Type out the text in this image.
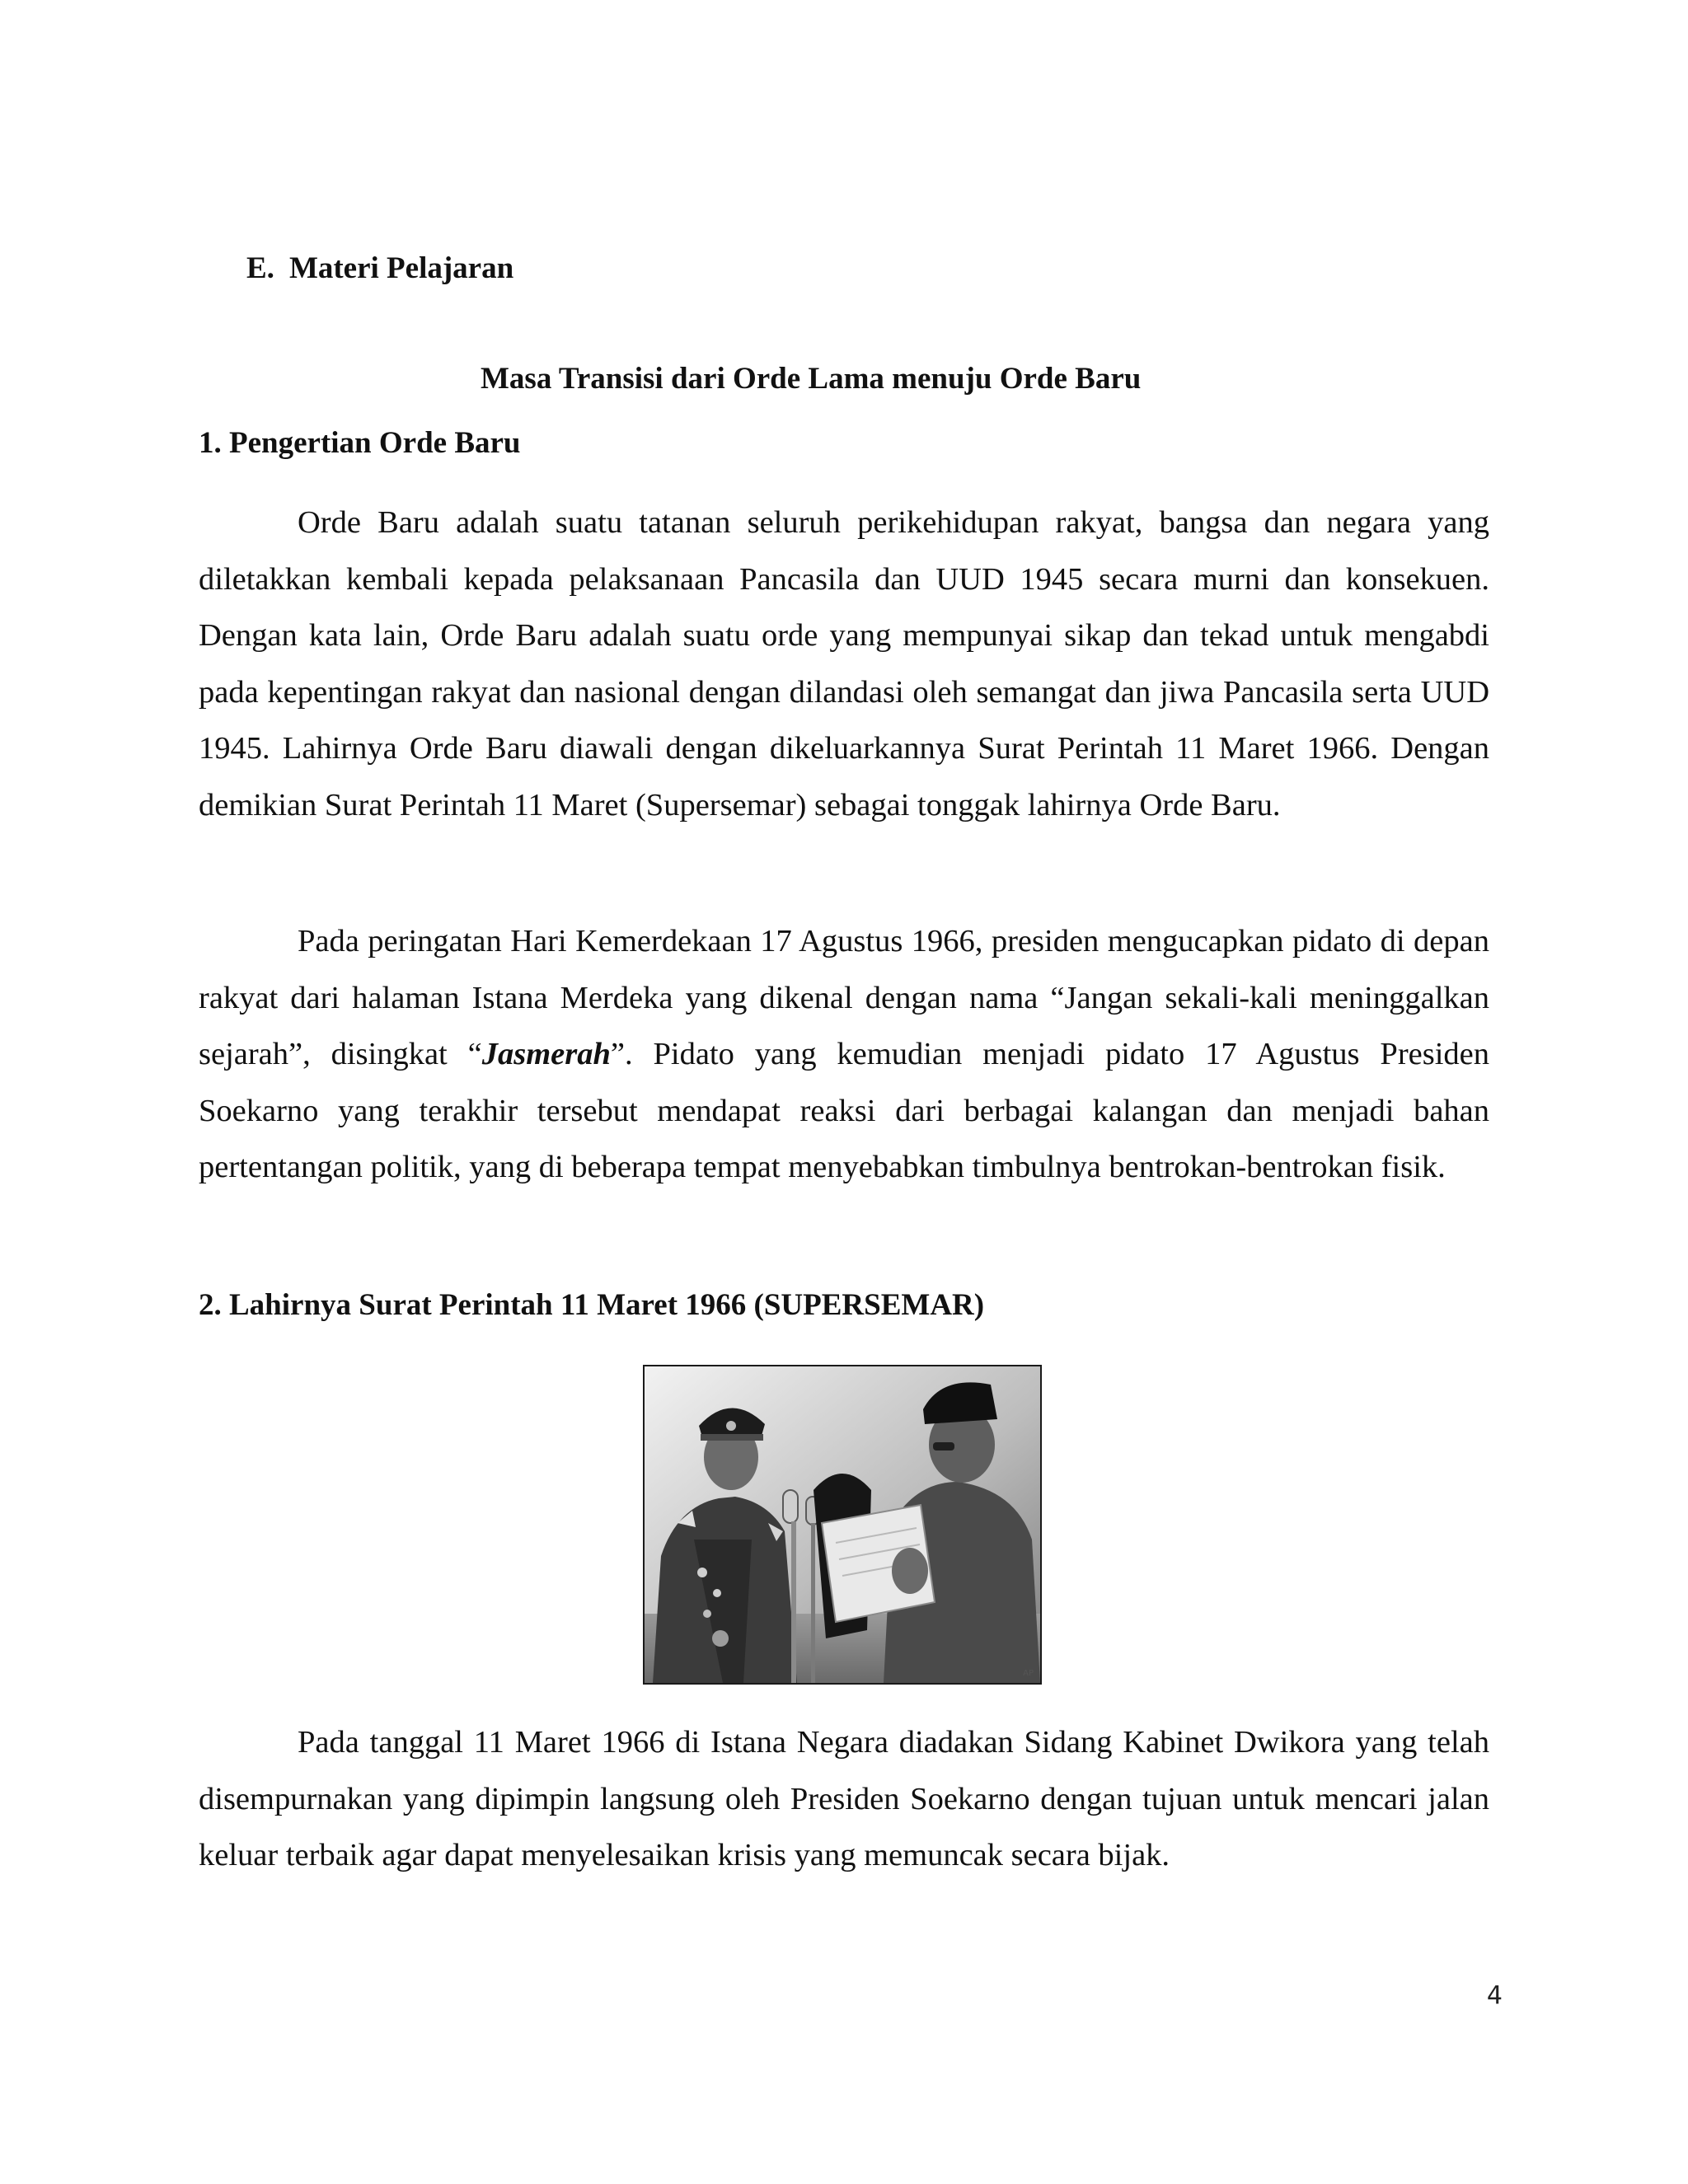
E. Materi Pelajaran
Masa Transisi dari Orde Lama menuju Orde Baru
1. Pengertian Orde Baru

Orde Baru adalah suatu tatanan seluruh perikehidupan rakyat, bangsa dan negara yang diletakkan kembali kepada pelaksanaan Pancasila dan UUD 1945 secara murni dan konsekuen. Dengan kata lain, Orde Baru adalah suatu orde yang mempunyai sikap dan tekad untuk mengabdi pada kepentingan rakyat dan nasional dengan dilandasi oleh semangat dan jiwa Pancasila serta UUD 1945. Lahirnya Orde Baru diawali dengan dikeluarkannya Surat Perintah 11 Maret 1966. Dengan demikian Surat Perintah 11 Maret (Supersemar) sebagai tonggak lahirnya Orde Baru.

Pada peringatan Hari Kemerdekaan 17 Agustus 1966, presiden mengucapkan pidato di depan rakyat dari halaman Istana Merdeka yang dikenal dengan nama “Jangan sekali-kali meninggalkan sejarah”, disingkat “Jasmerah”. Pidato yang kemudian menjadi pidato 17 Agustus Presiden Soekarno yang terakhir tersebut mendapat reaksi dari berbagai kalangan dan menjadi bahan pertentangan politik, yang di beberapa tempat menyebabkan timbulnya bentrokan-bentrokan fisik.

2. Lahirnya Surat Perintah 11 Maret 1966 (SUPERSEMAR)
AP

Pada tanggal 11 Maret 1966 di Istana Negara diadakan Sidang Kabinet Dwikora yang telah disempurnakan yang dipimpin langsung oleh Presiden Soekarno dengan tujuan untuk mencari jalan keluar terbaik agar dapat menyelesaikan krisis yang memuncak secara bijak.

4
